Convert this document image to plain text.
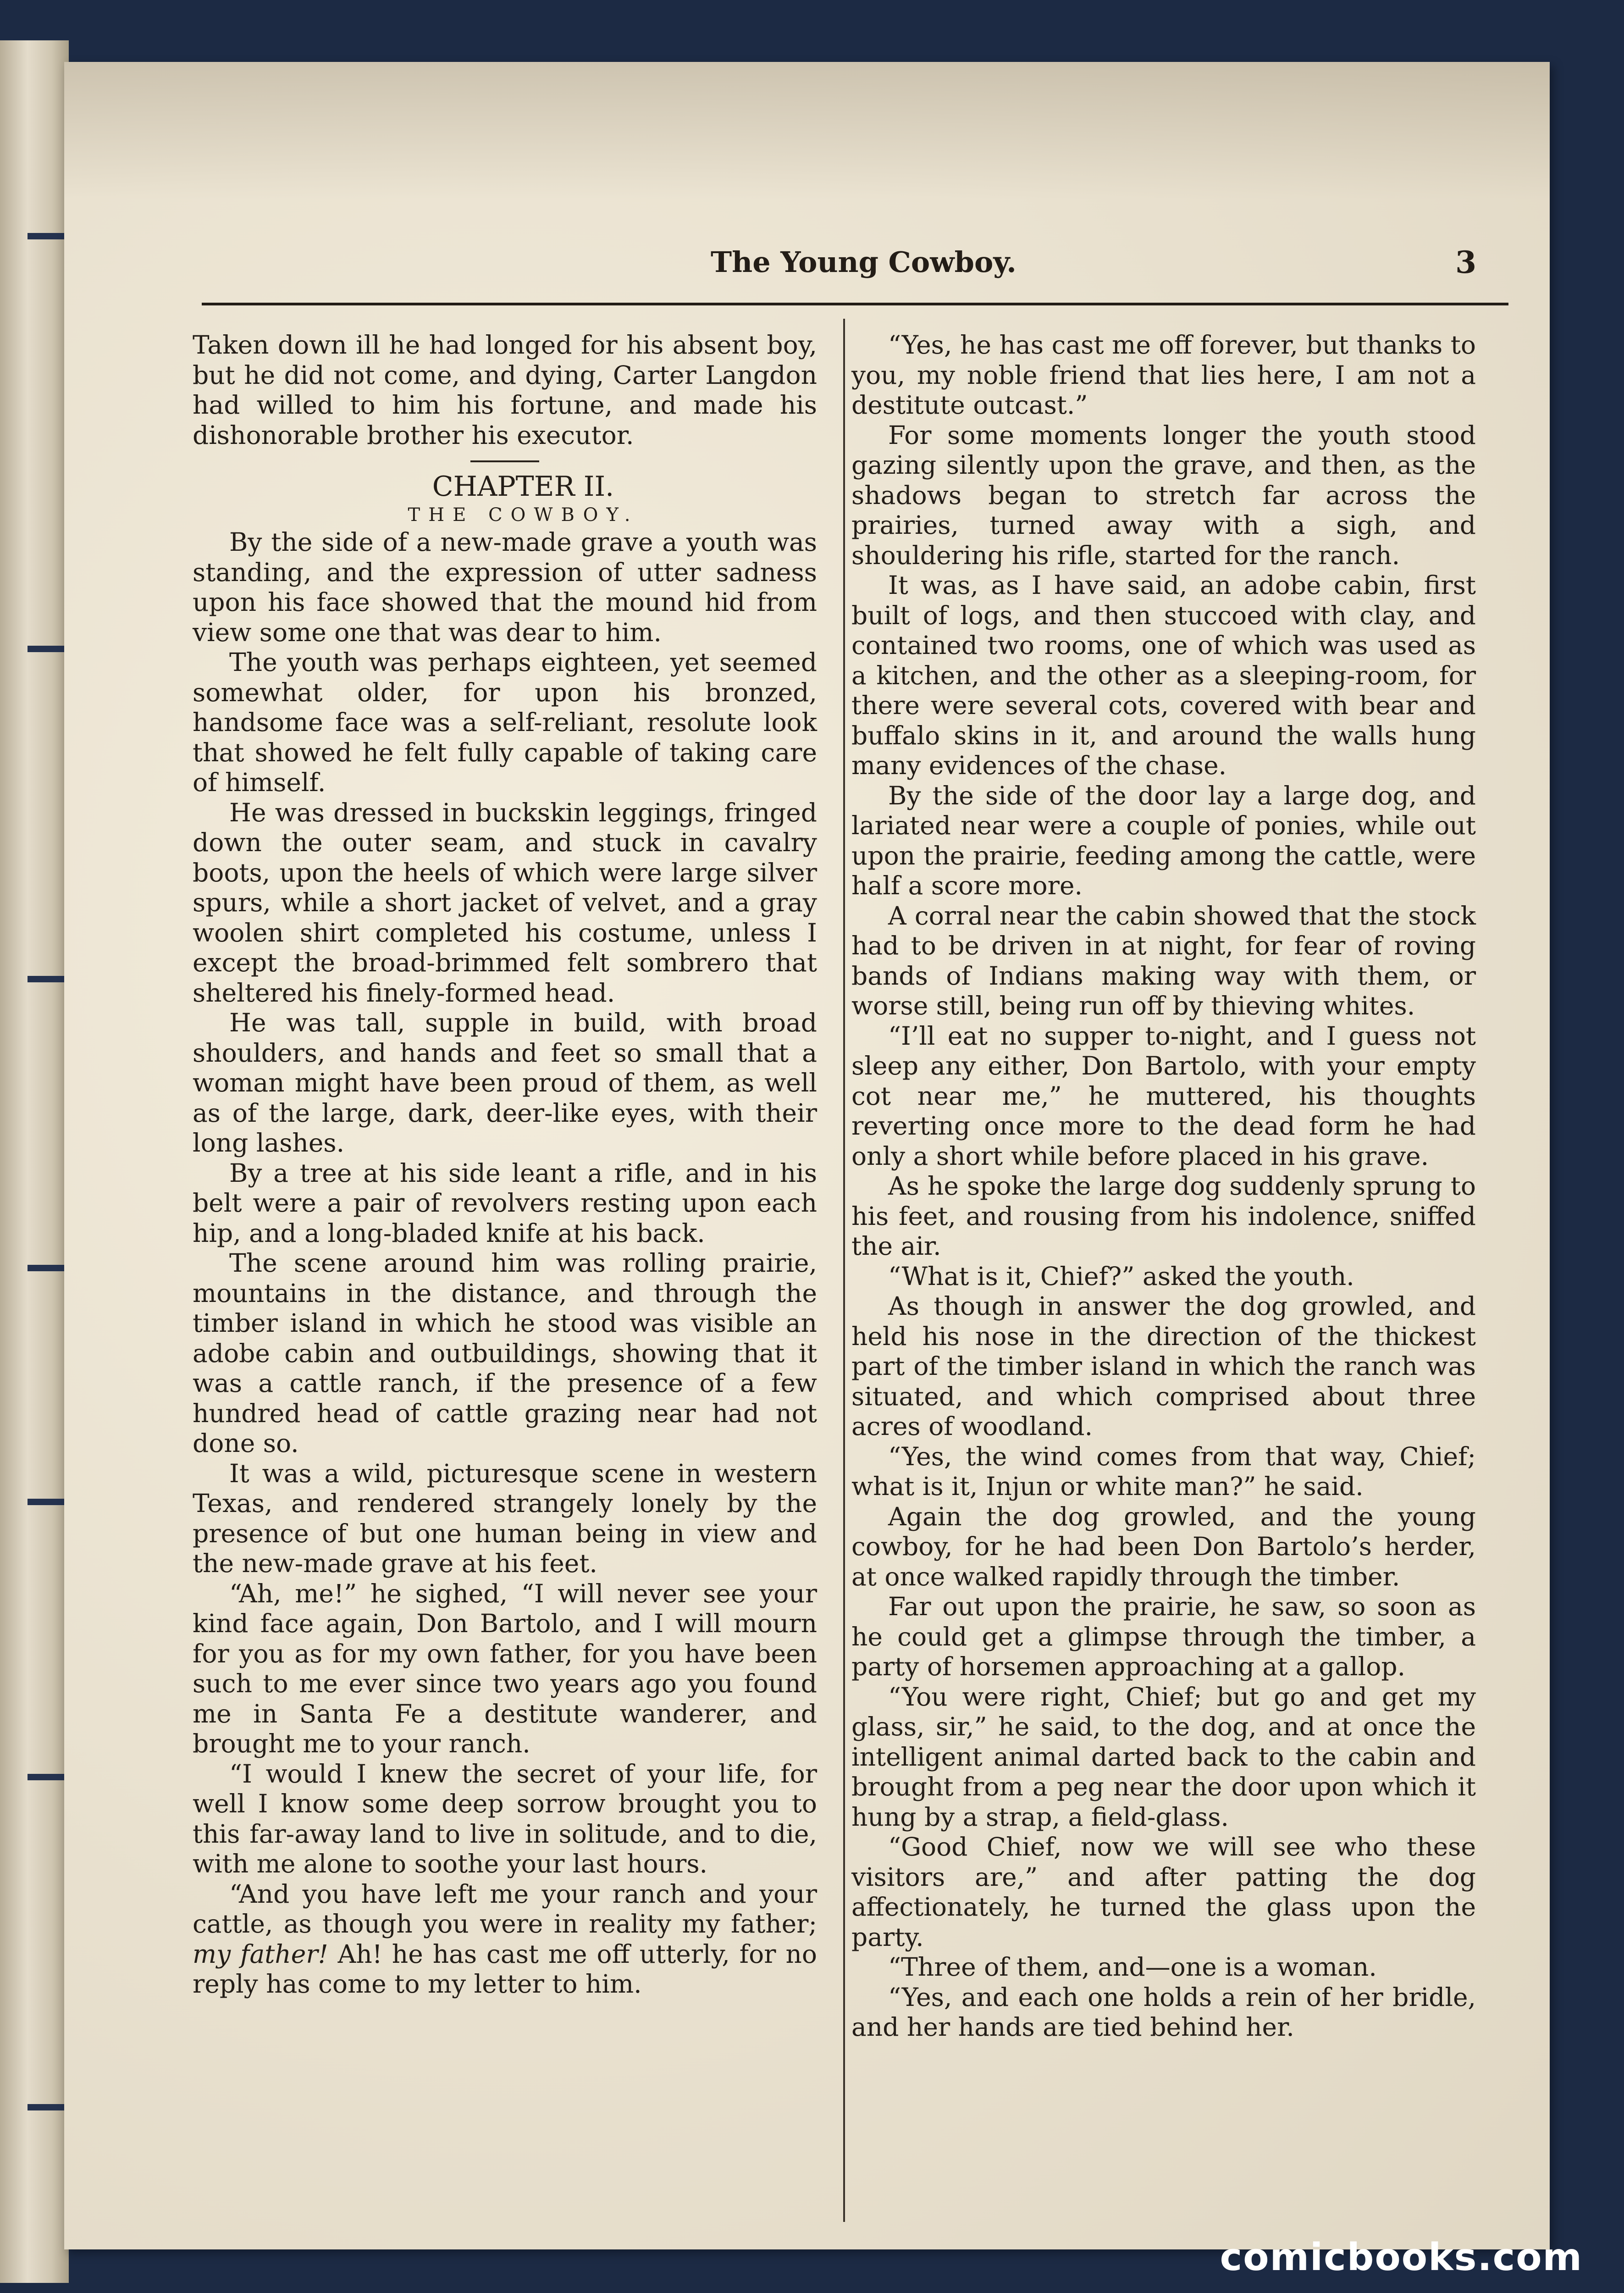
The Young Cowboy.	3

Taken down ill he had longed for his absent boy, but he did not come, and dying, Carter Langdon had willed to him his fortune, and made his dishonorable brother his executor.

CHAPTER II.

THE COWBOY.

By the side of a new-made grave a youth was standing, and the expression of utter sadness upon his face showed that the mound hid from view some one that was dear to him.

The youth was perhaps eighteen, yet seemed somewhat older, for upon his bronzed, handsome face was a self-reliant, resolute look that showed he felt fully capable of taking care of himself.

He was dressed in buckskin leggings, fringed down the outer seam, and stuck in cavalry boots, upon the heels of which were large silver spurs, while a short jacket of velvet, and a gray woolen shirt completed his costume, unless I except the broad-brimmed felt sombrero that sheltered his finely-formed head.

He was tall, supple in build, with broad shoulders, and hands and feet so small that a woman might have been proud of them, as well as of the large, dark, deer-like eyes, with their long lashes.

By a tree at his side leant a rifle, and in his belt were a pair of revolvers resting upon each hip, and a long-bladed knife at his back.

The scene around him was rolling prairie, mountains in the distance, and through the timber island in which he stood was visible an adobe cabin and outbuildings, showing that it was a cattle ranch, if the presence of a few hundred head of cattle grazing near had not done so.

It was a wild, picturesque scene in western Texas, and rendered strangely lonely by the presence of but one human being in view and the new-made grave at his feet.

“Ah, me!” he sighed, “I will never see your kind face again, Don Bartolo, and I will mourn for you as for my own father, for you have been such to me ever since two years ago you found me in Santa Fe a destitute wanderer, and brought me to your ranch.

“I would I knew the secret of your life, for well I know some deep sorrow brought you to this far-away land to live in solitude, and to die, with me alone to soothe your last hours.

“And you have left me your ranch and your cattle, as though you were in reality my father; my father! Ah! he has cast me off utterly, for no reply has come to my letter to him.

“Yes, he has cast me off forever, but thanks to you, my noble friend that lies here, I am not a destitute outcast.”

For some moments longer the youth stood gazing silently upon the grave, and then, as the shadows began to stretch far across the prairies, turned away with a sigh, and shouldering his rifle, started for the ranch.

It was, as I have said, an adobe cabin, first built of logs, and then stuccoed with clay, and contained two rooms, one of which was used as a kitchen, and the other as a sleeping-room, for there were several cots, covered with bear and buffalo skins in it, and around the walls hung many evidences of the chase.

By the side of the door lay a large dog, and lariated near were a couple of ponies, while out upon the prairie, feeding among the cattle, were half a score more.

A corral near the cabin showed that the stock had to be driven in at night, for fear of roving bands of Indians making way with them, or worse still, being run off by thieving whites.

“I’ll eat no supper to-night, and I guess not sleep any either, Don Bartolo, with your empty cot near me,” he muttered, his thoughts reverting once more to the dead form he had only a short while before placed in his grave.

As he spoke the large dog suddenly sprung to his feet, and rousing from his indolence, sniffed the air.

“What is it, Chief?” asked the youth.

As though in answer the dog growled, and held his nose in the direction of the thickest part of the timber island in which the ranch was situated, and which comprised about three acres of woodland.

“Yes, the wind comes from that way, Chief; what is it, Injun or white man?” he said.

Again the dog growled, and the young cowboy, for he had been Don Bartolo’s herder, at once walked rapidly through the timber.

Far out upon the prairie, he saw, so soon as he could get a glimpse through the timber, a party of horsemen approaching at a gallop.

“You were right, Chief; but go and get my glass, sir,” he said, to the dog, and at once the intelligent animal darted back to the cabin and brought from a peg near the door upon which it hung by a strap, a field-glass.

“Good Chief, now we will see who these visitors are,” and after patting the dog affectionately, he turned the glass upon the party.

“Three of them, and—one is a woman.

“Yes, and each one holds a rein of her bridle, and her hands are tied behind her.

comicbooks.com
